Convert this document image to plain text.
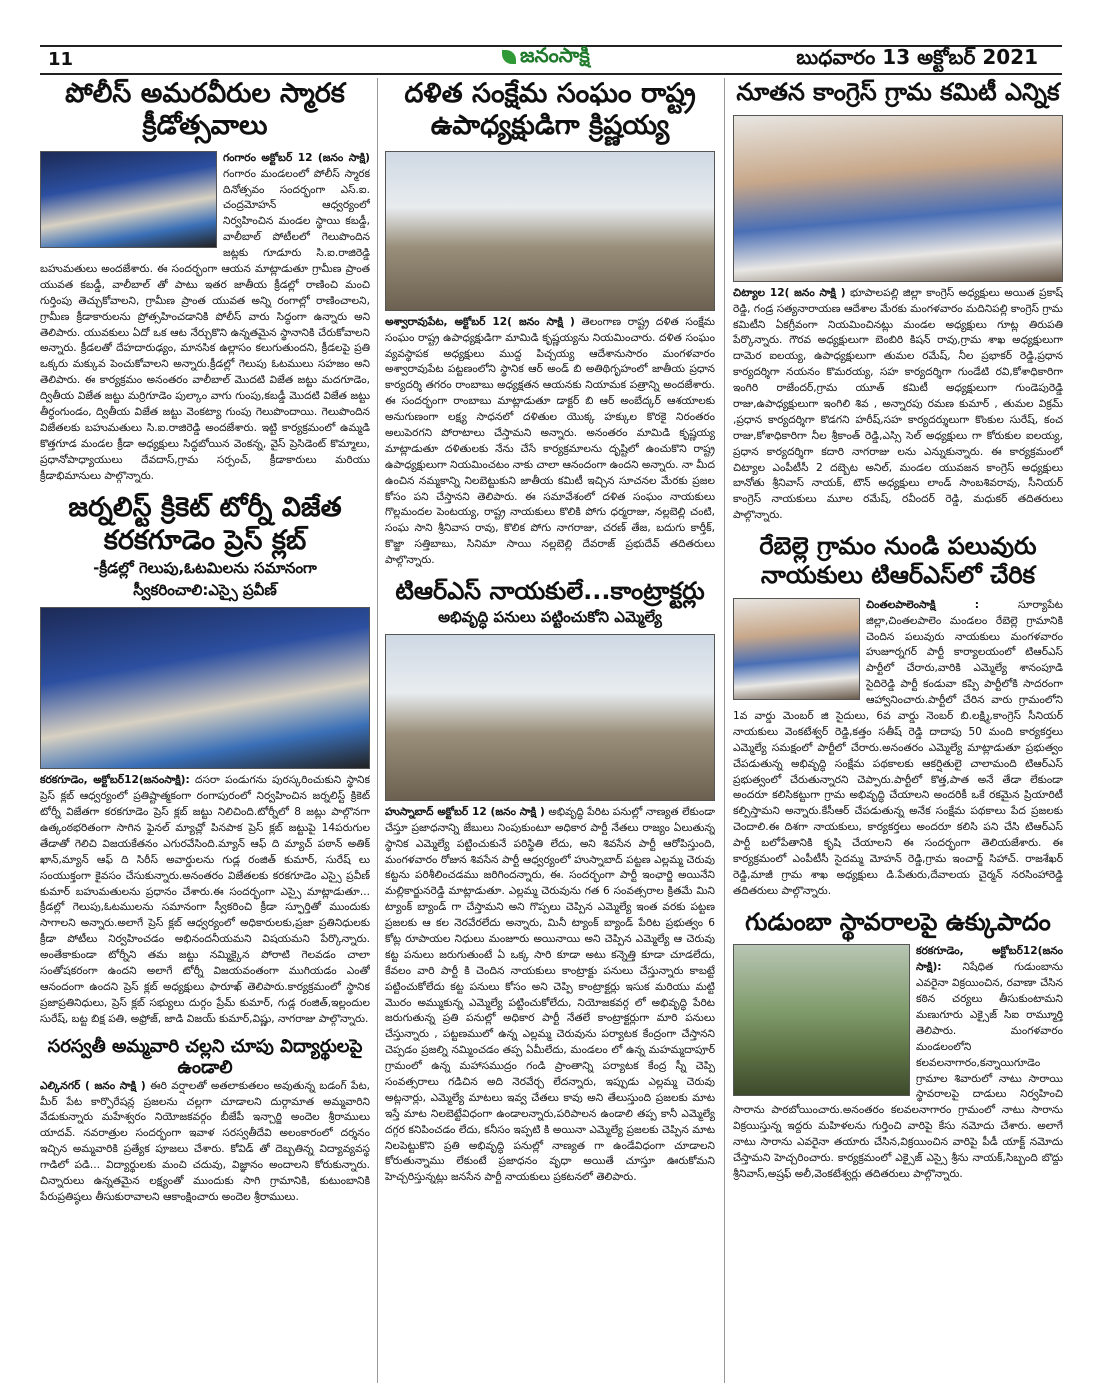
11	జనంసాక్షి	బుధవారం 13 అక్టోబర్ 2021
పోలీస్ అమరవీరుల స్మారక క్రీడోత్సవాలు

గంగారం అక్టోబర్ 12 (జనం సాక్షి) గంగారం మండలంలో పోలీస్ స్మారక దినోత్సవం సందర్భంగా ఎస్.ఐ. చంద్రమోహన్ ఆధ్వర్యంలో నిర్వహించిన మండల స్థాయి కబడ్డీ, వాలీబాల్ పోటీలలో గెలుపొందిన జట్లకు గూడూరు సి.ఐ.రాజిరెడ్డి బహుమతులు అందజేశారు. ఈ సందర్భంగా ఆయన మాట్లాడుతూ గ్రామీణ ప్రాంత యువత కబడ్డీ, వాలీబాల్ తో పాటు ఇతర జాతీయ క్రీడల్లో రాణించి మంచి గుర్తింపు తెచ్చుకోవాలని, గ్రామీణ ప్రాంత యువత అన్ని రంగాల్లో రాణించాలని, గ్రామీణ క్రీడాకారులను ప్రోత్సహించడానికి పోలీస్ వారు సిద్ధంగా ఉన్నారు అని తెలిపారు. యువకులు ఏదో ఒక ఆట నేర్చుకొని ఉన్నతమైన స్థానానికి చేరుకోవాలని అన్నారు. క్రీడలతో దేహదారుఢ్యం, మానసిక ఉల్లాసం కలుగుతుందని, క్రీడలపై ప్రతి ఒక్కరు మక్కువ పెంచుకోవాలని అన్నారు.క్రీడల్లో గెలుపు ఓటములు సహజం అని తెలిపారు. ఈ కార్యక్రమం అనంతరం వాలీబాల్ మొదటి విజేత జట్టు మదగూడెం, ద్వితీయ విజేత జట్టు మర్రిగూడెం పుల్కాం వాగు గుంపు,కబడ్డీ మొదటి విజేత జట్టు తీర్ధంగుండం, ద్వితీయ విజేత జట్టు వెంకట్యా గుంపు గెలుపొందాయి. గెలుపొందిన విజేతలకు బహుమతులు సి.ఐ.రాజిరెడ్డి అందజేశారు. ఇట్టి కార్యక్రమంలో ఉమ్మడి కొత్తగూడ మండల క్రీడా అధ్యక్షులు సిద్ధబోయిన వెంకన్న, వైస్ ప్రెసిడెంట్ కొమ్మాలు, ప్రధానోపాధ్యాయులు దేవదాస్,గ్రామ సర్పంచ్, క్రీడాకారులు మరియు క్రీడాభిమానులు పాల్గొన్నారు.

జర్నలిస్ట్ క్రికెట్ టోర్నీ విజేత కరకగూడెం ప్రెస్ క్లబ్
-క్రీడల్లో గెలుపు,ఓటమిలను సమానంగా స్వీకరించాలి:ఎస్సై ప్రవీణ్

కరకగూడెం, అక్టోబర్12(జనంసాక్షి): దసరా పండుగను పురస్కరించుకుని స్థానిక ప్రెస్ క్లబ్ ఆధ్వర్యంలో ప్రతిష్టాత్మకంగా రంగాపురంలో నిర్వహించిన జర్నలిస్ట్ క్రికెట్ టోర్నీ విజేతగా కరకగూడెం ప్రెస్ క్లబ్ జట్టు నిలిచింది.టోర్నీలో 8 జట్లు పాల్గొనగా ఉత్కంఠభరితంగా సాగిన ఫైనల్ మ్యాచ్లో పినపాక ప్రెస్ క్లబ్ జట్టుపై 14పరుగుల తేడాతో గెలిచి విజయకేతనం ఎగురవేసింది.మ్యాన్ ఆఫ్ ది మ్యాచ్ పఠాన్ అతిక్ ఖాన్,మ్యాన్ ఆఫ్ ది సిరీస్ అవార్డులను గుడ్ల రంజిత్ కుమార్, సురేష్ లు సంయుక్తంగా కైవసం చేసుకున్నారు.అనంతరం విజేతలకు కరకగూడెం ఎస్సై ప్రవీణ్ కుమార్ బహుమతులను ప్రధానం చేశారు.ఈ సందర్భంగా ఎస్సై మాట్లాడుతూ... క్రీడల్లో గెలుపు,ఓటములను సమానంగా స్వీకరించి క్రీడా స్ఫూర్తితో ముందుకు సాగాలని అన్నారు.అలాగే ప్రెస్ క్లబ్ ఆధ్వర్యంలో అధికారులకు,ప్రజా ప్రతినిధులకు క్రీడా పోటీలు నిర్వహించడం అభినందనీయమని విషయమని పేర్కొన్నారు. అంతేకాకుండా టోర్నీని తమ జట్టు నమ్మిక్కైన పోరాటి గెలవడం చాలా సంతోషకరంగా ఉందని అలాగే టోర్నీ విజయవంతంగా ముగియడం ఎంతో ఆనందంగా ఉందని ప్రెస్ క్లబ్ అధ్యక్షులు ఫారూఖ్ తెలిపారు.కార్యక్రమంలో స్థానిక ప్రజాప్రతినిధులు, ప్రెస్ క్లబ్ సభ్యులు దుర్గం ప్రేమ్ కుమార్, గుడ్ల రంజిత్,ఇల్లందుల సురేష్, బట్ట బిక్ష పతి, అఫ్రోజ్, జాడి విజయ్ కుమార్,విష్ణు, నాగరాజు పాల్గొన్నారు.

సరస్వతీ అమ్మవారి చల్లని చూపు విద్యార్థులపై ఉండాలి

ఎల్కినగర్ ( జనం సాక్షి ) ఈరి వర్షాలతో అతలాకుతలం అవుతున్న బడంగ్ పేట, మీర్ పేట కార్పొరేషన్ల ప్రజలను చల్లగా చూడాలని దుర్గామాత అమ్మవారిని వేడుకున్నారు మహేశ్వరం నియోజకవర్గం బీజేపీ ఇన్చార్జి అందెల శ్రీరాములు యాదవ్. నవరాత్రుల సందర్భంగా ఇవాళ సరస్వతీదేవి అలంకారంలో దర్శనం ఇచ్చిన అమ్మవారికి ప్రత్యేక పూజలు చేశారు. కోవిడ్ తో దెబ్బతిన్న విద్యావ్యవస్థ గాడిలో పడి... విద్యార్థులకు మంచి చదువు, విజ్ఞానం అందాలని కోరుకున్నారు. చిన్నారులు ఉన్నతమైన లక్ష్యంతో ముందుకు సాగి గ్రామానికి, కుటుంబానికి పేరుప్రతిష్ఠలు తీసుకురావాలని ఆకాంక్షించారు అందెల శ్రీరాములు.

దళిత సంక్షేమ సంఘం రాష్ట్ర ఉపాధ్యక్షుడిగా క్రిష్ణయ్య

అశ్వారావుపేట, అక్టోబర్ 12( జనం సాక్షి ) తెలంగాణ రాష్ట్ర దళిత సంక్షేమ సంఘం రాష్ట్ర ఉపాధ్యక్షుడిగా మామిడి కృష్ణయ్యను నియమించారు. దళిత సంఘం వ్యవస్థాపక అధ్యక్షులు ముద్ద పిచ్చయ్య ఆదేశానుసారం మంగళవారం అశ్వారావుపేట పట్టణంలోని స్థానిక ఆర్ అండ్ బి అతిథిగృహంలో జాతీయ ప్రధాన కార్యదర్శి తగరం రాంబాబు అధ్యక్షతన ఆయనకు నియామక పత్రాన్ని అందజేశారు. ఈ సందర్భంగా రాంబాబు మాట్లాడుతూ డాక్టర్ బి ఆర్ అంబేద్కర్ ఆశయాలకు అనుగుణంగా లక్ష్య సాధనలో దళితుల యొక్క హక్కుల కొరకై నిరంతరం అలుపెరగని పోరాటాలు చేస్తామని అన్నారు. అనంతరం మామిడి కృష్ణయ్య మాట్లాడుతూ దళితులకు నేను చేసే కార్యక్రమాలను దృష్టిలో ఉంచుకొని రాష్ట్ర ఉపాధ్యక్షులుగా నియమించటం నాకు చాలా ఆనందంగా ఉందని అన్నారు. నా మీద ఉంచిన నమ్మకాన్ని నిలబెట్టుకుని జాతీయ కమిటీ ఇచ్చిన సూచనల మేరకు ప్రజల కోసం పని చేస్తానని తెలిపారు. ఈ సమావేశంలో దళిత సంఘం నాయకులు గొల్లమందల పెంటయ్య, రాష్ట్ర నాయకులు కొలికి పోగు ధర్మరాజు, నల్లబెల్లి చంటి, సంఘ సాని శ్రీనివాస రావు, కొలిక పోగు నాగరాజు, చరణ్ తేజ, బదుగు కార్తీక్, కొజ్జా సత్తిబాబు, సినిమా సాయి నల్లబెల్లి దేవరాజ్ ప్రభుదేవ్ తదితరులు పాల్గొన్నారు.

టిఆర్ఎస్ నాయకులే...కాంట్రాక్టర్లు
అభివృద్ధి పనులు పట్టించుకోని ఎమ్మెల్యే

హుస్నాబాద్ అక్టోబర్ 12 (జనం సాక్షి ) అభివృద్ధి పేరిట పనుల్లో నాణ్యత లేకుండా చేస్తూ ప్రజాధనాన్ని జేబులు నింపుకుంటూ అధికార పార్టీ నేతలు రాజ్యం ఏలుతున్న స్థానిక ఎమ్మెల్యే పట్టించుకునే పరిస్థితి లేదు, అని శివసేన పార్టీ ఆరోపిస్తుంది, మంగళవారం రోజున శివసేన పార్టీ ఆధ్వర్యంలో హుస్నాబాద్ పట్టణ ఎల్లమ్మ చెరువు కట్టను పరిశీలించడము జరిగిందన్నారు, ఈ. సందర్భంగా పార్టీ ఇంఛార్జి అయినేని మల్లికార్జునరెడ్డి మాట్లాడుతూ. ఎల్లమ్మ చెరువును గత 6 సంవత్సరాల క్రితమే మిని ట్యాంక్ బ్యాండ్ గా చేస్తామని అని గొప్పలు చెప్పిన ఎమ్మెల్యే ఇంత వరకు పట్టణ ప్రజలకు ఆ కల నెరవేరలేదు అన్నారు, మినీ ట్యాంక్ బ్యాండ్ పేరిట ప్రభుత్వం 6 కోట్ల రూపాయల నిధులు మంజూరు అయినాయి అని చెప్పిన ఎమ్మెల్యే ఆ చెరువు కట్ట పనులు జరుగుతుంటే ఏ ఒక్క సారి కూడా అటు కన్నెత్తి కూడా చూడలేదు, కేవలం వారి పార్టీ కి చెందిన నాయకులు కాంట్రాక్టు పనులు చేస్తున్నారు కాబట్టే పట్టించుకోలేదు కట్ట పనులు కోసం అని చెప్పి కాంట్రాక్టర్లు ఇసుక మరియు మట్టి మొరం అమ్ముకున్న ఎమ్మెల్యే పట్టించుకోలేదు, నియోజకవర్గ లో అభివృద్ధి పేరిట జరుగుతున్న ప్రతి పనుల్లో అధికార పార్టీ నేతలే కాంట్రాక్టర్లుగా మారి పనులు చేస్తున్నారు , పట్టణములో ఉన్న ఎల్లమ్మ చెరువును పర్యాటక కేంద్రంగా చేస్తానని చెప్పడం ప్రజల్ని నమ్మించడం తప్ప ఏమీలేదు, మండలం లో ఉన్న మహమ్మదాపూర్ గ్రామంలో ఉన్న మహాసముద్రం గండి ప్రాంతాన్ని పర్యాటక కేంద్ర స్నీ చెప్పి సంవత్సరాలు గడిచిన అది నెరవేర్చ లేదన్నారు, ఇప్పుడు ఎల్లమ్మ చెరువు అట్లనార్లు, ఎమ్మెల్యే మాటలు ఇవ్వ చేతలు కావు అని తేలుస్తుంది ప్రజలకు మాట ఇస్తే మాట నిలబెట్టేవిధంగా ఉండాలన్నారు,పరిపాలన ఉండాలి తప్ప కానీ ఎమ్మెల్యే దగ్గర కనిపించడం లేదు, కనీసం ఇప్పటి కి అయినా ఎమ్మెల్యే ప్రజలకు చెప్పిన మాట నిలపెట్టుకొని ప్రతి అభివృద్ధి పనుల్లో నాణ్యత గా ఉండేవిధంగా చూడాలని కోరుతున్నాము లేకుంటే ప్రజాధనం వృధా అయితే చూస్తూ ఊరుకోమని హెచ్చరిస్తున్నట్లు జనసేన పార్టీ నాయకులు ప్రకటనలో తెలిపారు.

నూతన కాంగ్రెస్ గ్రామ కమిటీ ఎన్నిక

చిట్యాల 12( జనం సాక్షి ) భూపాలపల్లి జిల్లా కాంగ్రెస్ అధ్యక్షులు అయిత ప్రకాష్ రెడ్డి, గండ్ర సత్యనారాయణ ఆదేశాల మేరకు మంగళవారం మదినిపల్లి కాంగ్రెస్ గ్రామ కమిటీని ఏకగ్రీవంగా నియమించినట్లు మండల అధ్యక్షులు గూట్ల తిరుపతి పేర్కొన్నారు. గౌరవ అధ్యక్షులుగా బెంబిరి కిషన్ రావు,గ్రామ శాఖ అధ్యక్షులుగా దామెర ఐలయ్య, ఉపాధ్యక్షులుగా తుమల రమేష్, నీల ప్రభాకర్ రెడ్డి,ప్రధాన కార్యదర్శిగా నయనం కొమరయ్య, సహ కార్యదర్శిగా గుండేటి రవి,కోశాధికారిగా ఇంగిరి రాజేందర్,గ్రామ యూత్ కమిటీ అధ్యక్షులుగా గుండెపురెడ్డి రాజు,ఉపాధ్యక్షులుగా ఇంగిలి శివ , అన్నారపు రమణ కుమార్ , తుమల విక్రమ్ ,ప్రధాన కార్యదర్శిగా కొడగని హరీష్,సహ కార్యదర్శులుగా కొంకుల సురేష్, కంచ రాజు,కోశాధికారిగా నీల శ్రీకాంత్ రెడ్డి,ఎస్సి సెల్ అధ్యక్షులు గా కోరుకుల ఐలయ్య, ప్రధాన కార్యదర్శిగా కదారి నాగరాజు లను ఎన్నుకున్నారు. ఈ కార్యక్రమంలో చిట్యాల ఎంపీటీసీ 2 దబ్బెట అనిల్, మండల యువజన కాంగ్రెస్ అధ్యక్షులు బానోతు శ్రీనివాస్ నాయక్, టౌన్ అధ్యక్షులు లాండ్ సాంబశివరావు, సీనియర్ కాంగ్రెస్ నాయకులు మూల రమేష్, రవీందర్ రెడ్డి, మధుకర్ తదితరులు పాల్గొన్నారు.

రేబెల్లె గ్రామం నుండి పలువురు నాయకులు టిఆర్ఎస్‌లో చేరిక

చింతలపాలెంసాక్షి :	సూర్యాపేట జిల్లా,చింతలపాలెం మండలం రేబెల్లె గ్రామానికి చెందిన పలువురు నాయకులు మంగళవారం హుజూర్నగర్ పార్టీ కార్యాలయంలో టిఆర్ఎస్ పార్టీలో చేరారు,వారికి ఎమ్మెల్యే శానంపూడి సైదిరెడ్డి పార్టీ కండువా కప్పి పార్టీలోకి సాదరంగా ఆహ్వానించారు.పార్టీలో చేరిన వారు గ్రామంలోని 1వ వార్డు మెంబర్ జి సైదులు, 6వ వార్డు నెంబర్ బి.లక్ష్మి,కాంగ్రెస్ సీనియర్ నాయకులు వెంకటేశ్వర్ రెడ్డి,కత్తం సతీష్ రెడ్డి దాదాపు 50 మంది కార్యకర్తలు ఎమ్మెల్యే సమక్షంలో పార్టీలో చేరారు.అనంతరం ఎమ్మెల్యే మాట్లాడుతూ ప్రభుత్వం చేపడుతున్న అభివృద్ధి సంక్షేమ పథకాలకు ఆకర్షితులై చాలామంది టిఆర్ఎస్ ప్రభుత్వంలో చేరుతున్నారని చెప్పారు.పార్టీలో కొత్త,పాత అనే తేడా లేకుండా అందరూ కలిసికట్టుగా గ్రామ అభివృద్ధి చేయాలని అందరికీ ఒకే రకమైన ప్రియారిటీ కల్పిస్తామని అన్నారు.కేసీఆర్ చేపడుతున్న అనేక సంక్షేమ పథకాలు పేద ప్రజలకు చెందాలి.ఈ దిశగా నాయకులు, కార్యకర్తలు అందరూ కలిసి పని చేసి టిఆర్ఎస్ పార్టీ బలోపేతానికి కృషి చేయాలని ఈ సందర్భంగా తెలియజేశారు. ఈ కార్యక్రమంలో ఎంపీటీసీ సైదమ్మ మోహన్ రెడ్డి,గ్రామ ఇంచార్జ్ సిహాచ్. రాజశేఖర్ రెడ్డి,మాజీ గ్రామ శాఖ అధ్యక్షులు డి.పేతురు,దేవాలయ చైర్మన్ నరసింహారెడ్డి తదితరులు పాల్గొన్నారు.

గుడుంబా స్థావరాలపై ఉక్కుపాదం

కరకగూడెం, అక్టోబర్12(జనం సాక్షి): నిషేధిత గుడుంబాను ఎవరైనా విక్రయించిన, రవాణా చేసిన కఠిన చర్యలు తీసుకుంటామని మణుగూరు ఎక్సైజ్ సిఐ రామ్మూర్తి తెలిపారు. మంగళవారం మండలంలోని కలవలనాగారం,కన్నాయిగూడెం గ్రామాల శివారులో నాటు సారాయి స్థావరాలపై దాడులు నిర్వహించి సారాను పారబోయించారు.అనంతరం కలవలనాగారం గ్రామంలో నాటు సారాను విక్రయిస్తున్న ఇద్దరు మహిళలను గుర్తించి వారిపై కేసు నమోదు చేశారు. అలాగే నాటు సారాను ఎవరైనా తయారు చేసిన,విక్రయించిన వారిపై పీడీ యాక్ట్ నమోదు చేస్తామని హెచ్చరించారు. కార్యక్రమంలో ఎక్సైజ్ ఎస్సై శ్రీను నాయక్,సిబ్బంది బొద్దు శ్రీనివాస్,అష్రఫ్ అలీ,వెంకటేశ్వర్లు తదితరులు పాల్గొన్నారు.
